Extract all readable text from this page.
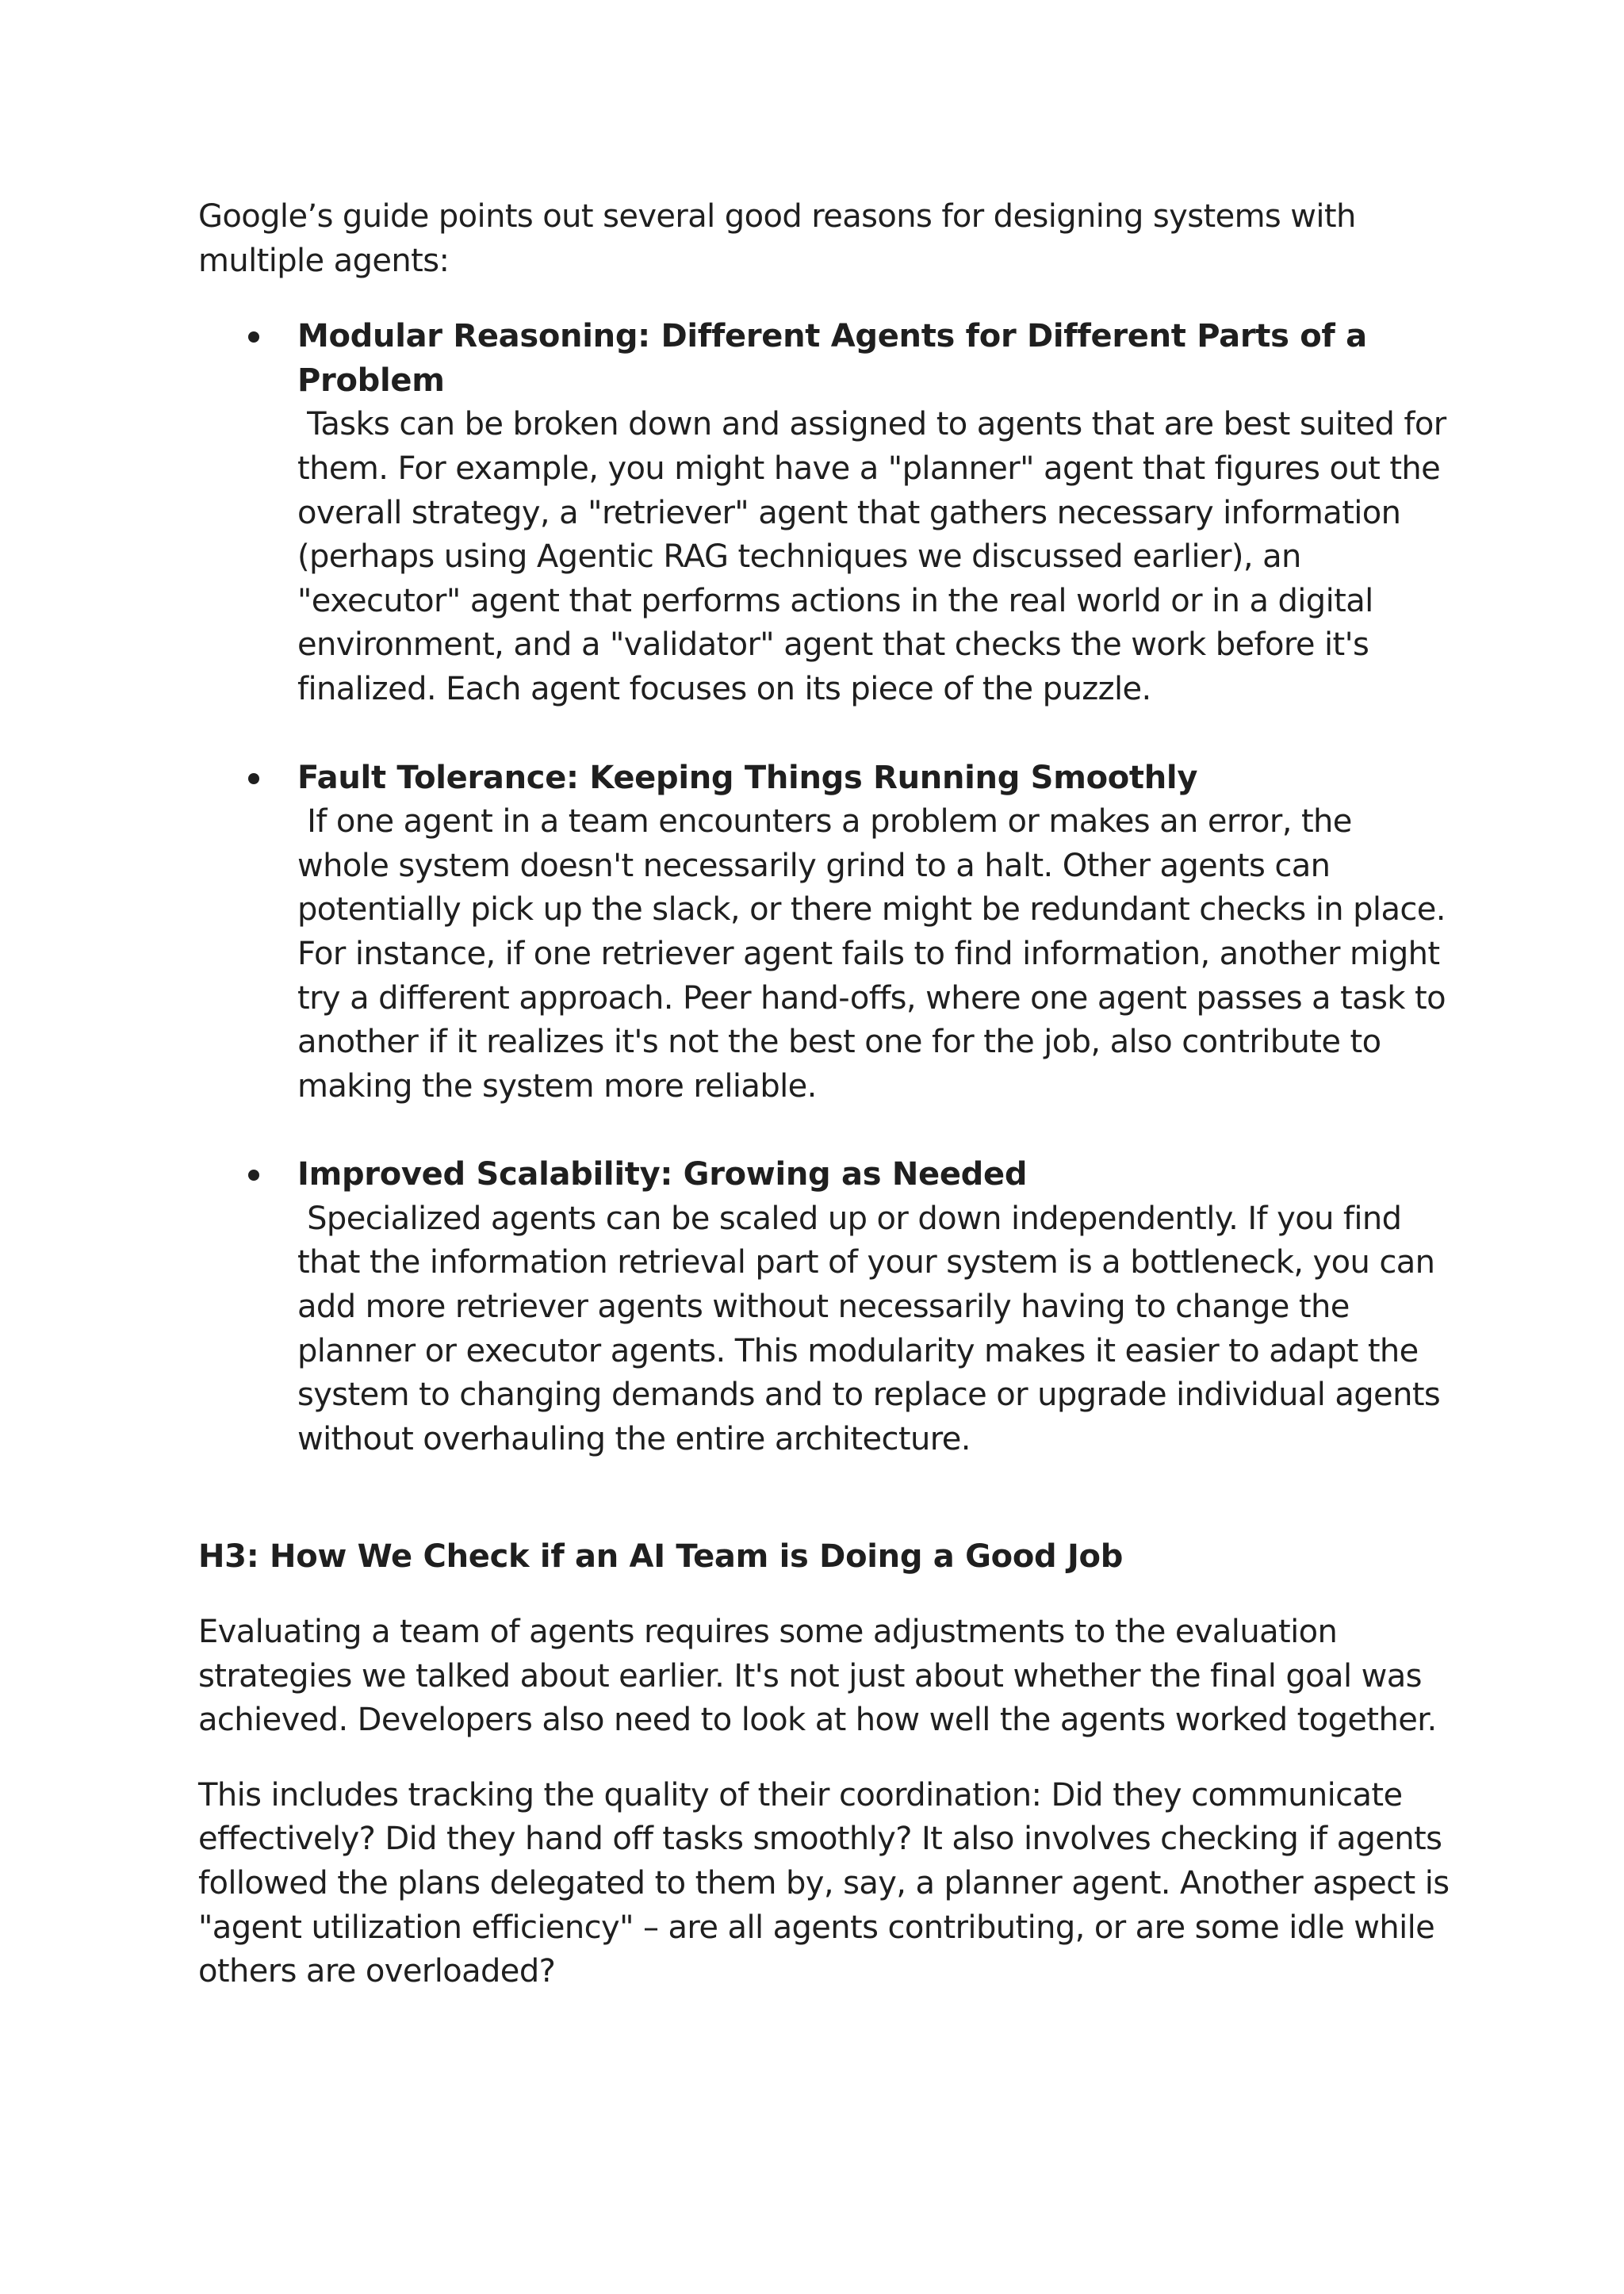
Google’s guide points out several good reasons for designing systems with multiple agents:

Modular Reasoning: Different Agents for Different Parts of a Problem

Tasks can be broken down and assigned to agents that are best suited for them. For example, you might have a "planner" agent that figures out the overall strategy, a "retriever" agent that gathers necessary information (perhaps using Agentic RAG techniques we discussed earlier), an "executor" agent that performs actions in the real world or in a digital environment, and a "validator" agent that checks the work before it's finalized. Each agent focuses on its piece of the puzzle.

Fault Tolerance: Keeping Things Running Smoothly

If one agent in a team encounters a problem or makes an error, the whole system doesn't necessarily grind to a halt. Other agents can potentially pick up the slack, or there might be redundant checks in place. For instance, if one retriever agent fails to find information, another might try a different approach. Peer hand-offs, where one agent passes a task to another if it realizes it's not the best one for the job, also contribute to making the system more reliable.

Improved Scalability: Growing as Needed

Specialized agents can be scaled up or down independently. If you find that the information retrieval part of your system is a bottleneck, you can add more retriever agents without necessarily having to change the planner or executor agents. This modularity makes it easier to adapt the system to changing demands and to replace or upgrade individual agents without overhauling the entire architecture.

H3: How We Check if an AI Team is Doing a Good Job

Evaluating a team of agents requires some adjustments to the evaluation strategies we talked about earlier. It's not just about whether the final goal was achieved. Developers also need to look at how well the agents worked together.

This includes tracking the quality of their coordination: Did they communicate effectively? Did they hand off tasks smoothly? It also involves checking if agents followed the plans delegated to them by, say, a planner agent. Another aspect is "agent utilization efficiency" – are all agents contributing, or are some idle while others are overloaded?
